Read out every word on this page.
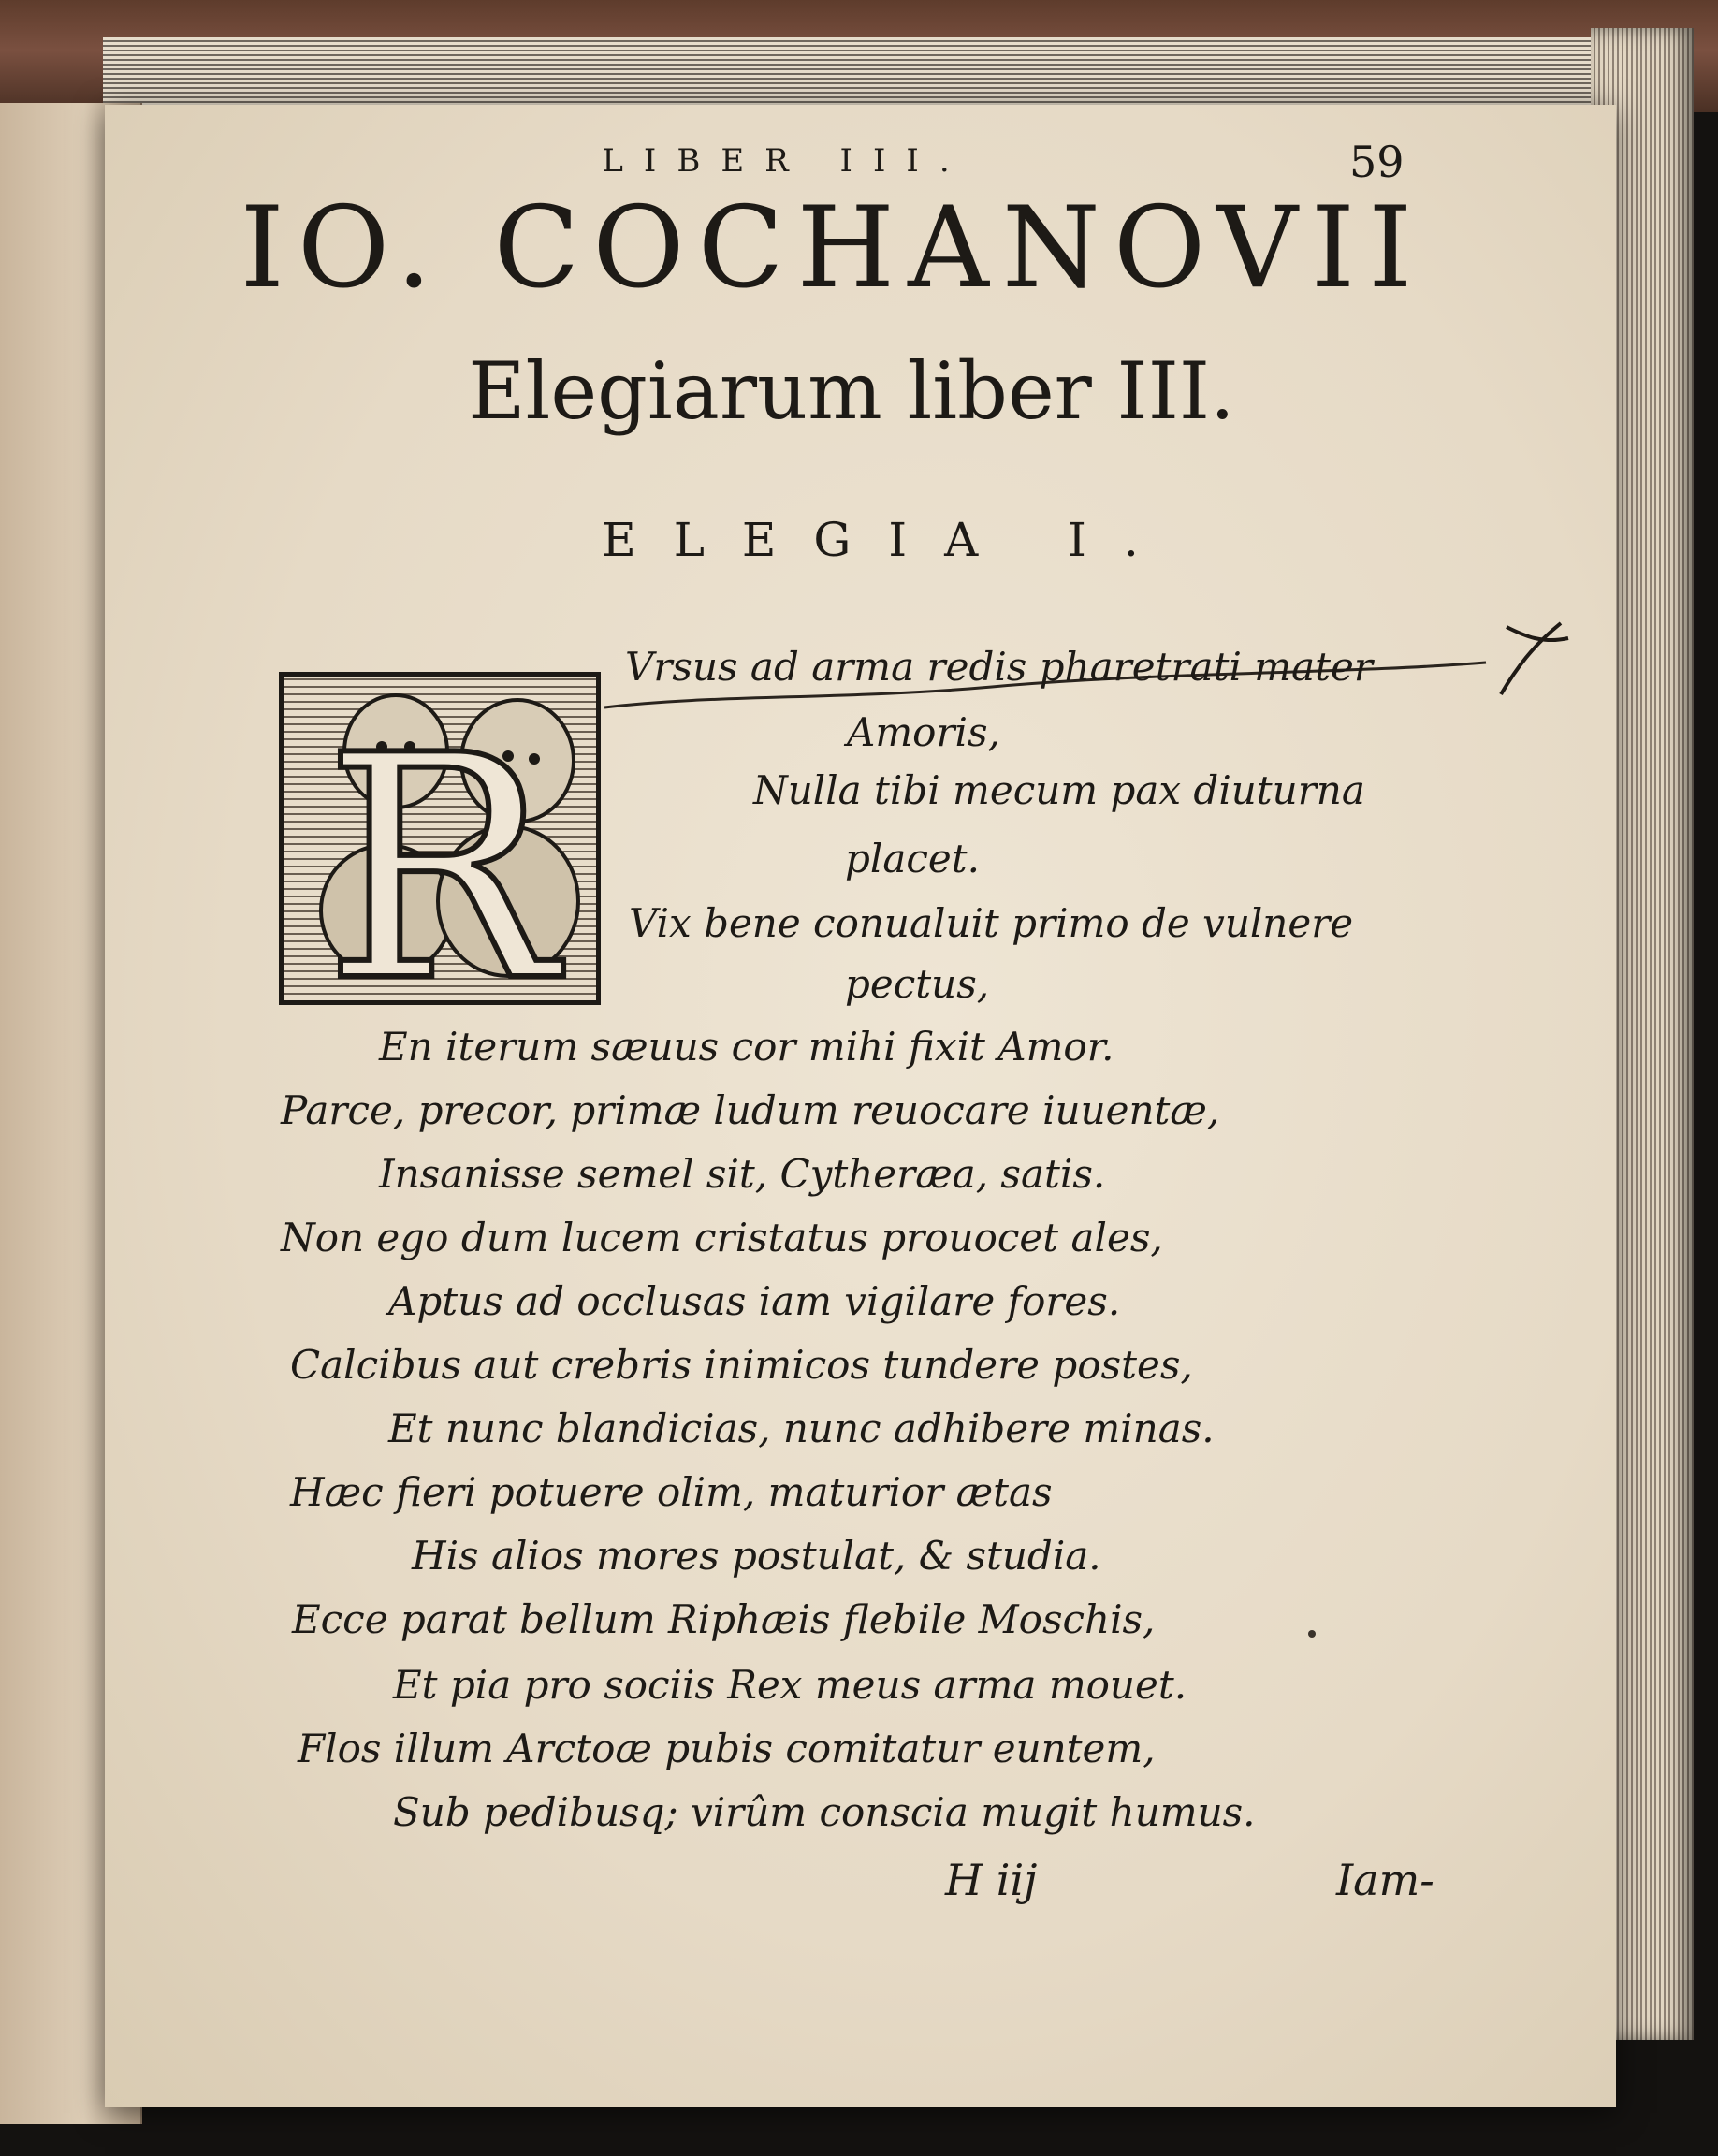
LIBER III.	59
IO. COCHANOVII
Elegiarum liber III.
ELEGIA I.
R
Vrsus ad arma redis pharetrati mater
Amoris,
Nulla tibi mecum pax diuturna
placet.
Vix bene conualuit primo de vulnere
pectus,
En iterum sæuus cor mihi fixit Amor.
Parce, precor, primæ ludum reuocare iuuentæ,
Insanisse semel sit, Cytheræa, satis.
Non ego dum lucem cristatus prouocet ales,
Aptus ad occlusas iam vigilare fores.
Calcibus aut crebris inimicos tundere postes,
Et nunc blandicias, nunc adhibere minas.
Hæc fieri potuere olim, maturior ætas
His alios mores postulat, & studia.
Ecce parat bellum Riphæis flebile Moschis,
Et pia pro sociis Rex meus arma mouet.
Flos illum Arctoæ pubis comitatur euntem,
Sub pedibusq; virûm conscia mugit humus.
H iij	Iam-
